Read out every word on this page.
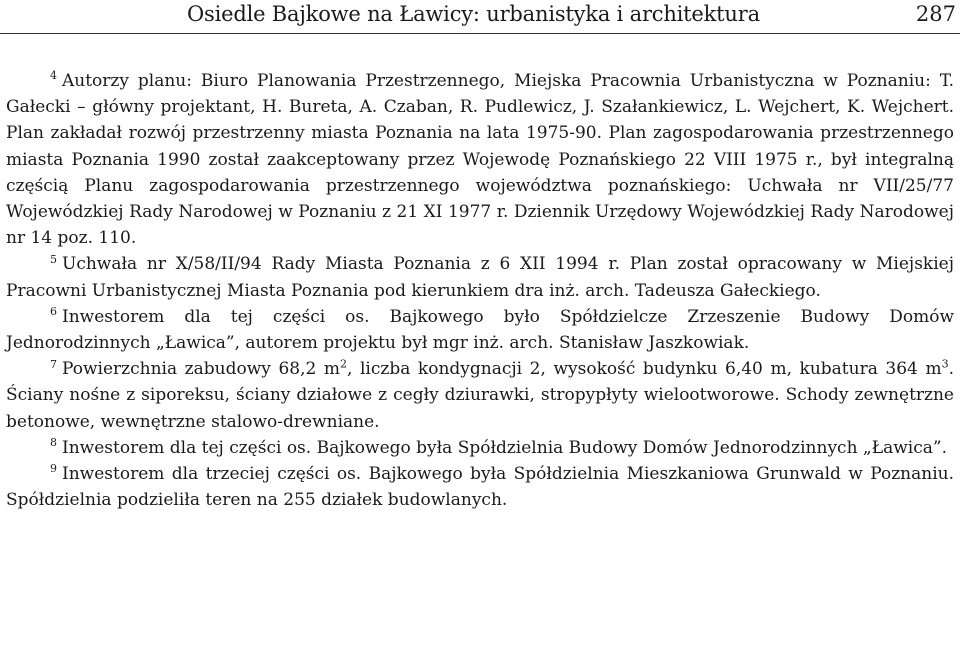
Osiedle Bajkowe na Ławicy: urbanistyka i architektura	287

$^4$ Autorzy planu: Biuro Planowania Przestrzennego, Miejska Pracownia Urbanistyczna w Poznaniu: T. Gałecki – główny projektant, H. Bureta, A. Czaban, R. Pudlewicz, J. Szałankiewicz, L. Wejchert, K. Wejchert. Plan zakładał rozwój przestrzenny miasta Poznania na lata 1975-90. Plan zagospodarowania przestrzennego miasta Poznania 1990 został zaakceptowany przez Wojewodę Poznańskiego 22 VIII 1975 r., był integralną częścią Planu zagospodarowania przestrzennego województwa poznańskiego: Uchwała nr VII/25/77 Wojewódzkiej Rady Narodowej w Poznaniu z 21 XI 1977 r. Dziennik Urzędowy Wojewódzkiej Rady Narodowej nr 14 poz. 110.

$^5$ Uchwała nr X/58/II/94 Rady Miasta Poznania z 6 XII 1994 r. Plan został opracowany w Miejskiej Pracowni Urbanistycznej Miasta Poznania pod kierunkiem dra inż. arch. Tadeusza Gałeckiego.

$^6$ Inwestorem dla tej części os. Bajkowego było Spółdzielcze Zrzeszenie Budowy Domów Jednorodzinnych „Ławica”, autorem projektu był mgr inż. arch. Stanisław Jaszkowiak.

$^7$ Powierzchnia zabudowy 68,2 $m^2$, liczba kondygnacji 2, wysokość budynku 6,40 m, kubatura 364 $m^3$. Ściany nośne z siporeksu, ściany działowe z cegły dziurawki, stropypłyty wielootworowe. Schody zewnętrzne betonowe, wewnętrzne stalowo-drewniane.

$^8$ Inwestorem dla tej części os. Bajkowego była Spółdzielnia Budowy Domów Jednorodzinnych „Ławica”.

$^9$ Inwestorem dla trzeciej części os. Bajkowego była Spółdzielnia Mieszkaniowa Grunwald w Poznaniu. Spółdzielnia podzieliła teren na 255 działek budowlanych.
